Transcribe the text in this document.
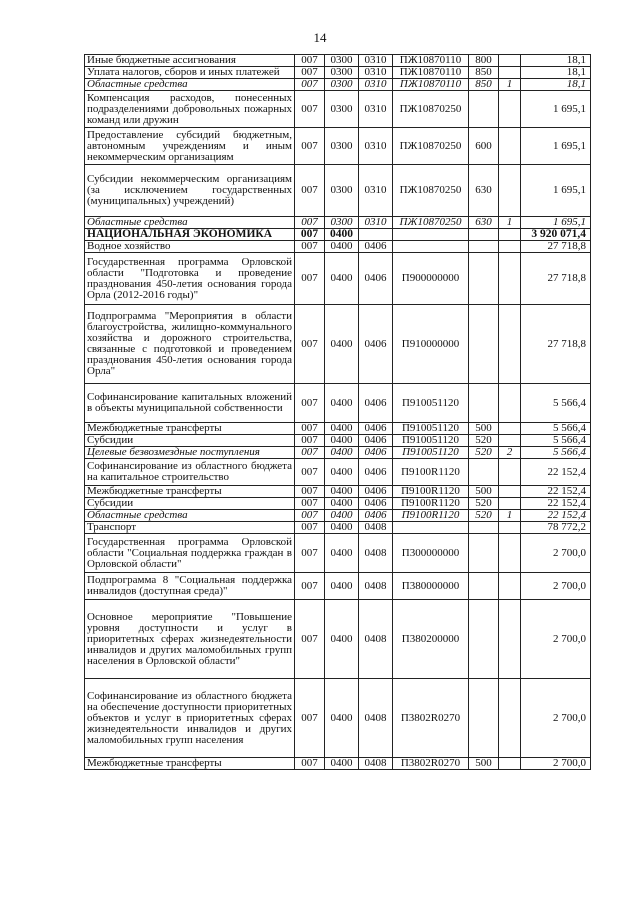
14
Иные бюджетные ассигнования	007	0300	0310	ПЖ10870110	800		18,1
Уплата налогов, сборов и иных платежей	007	0300	0310	ПЖ10870110	850		18,1
Областные средства	007	0300	0310	ПЖ10870110	850	1	18,1
Компенсация расходов, понесенных подразделениями добровольных пожарных команд или дружин	007	0300	0310	ПЖ10870250			1 695,1
Предоставление субсидий бюджетным, автономным учреждениям и иным некоммерческим организациям	007	0300	0310	ПЖ10870250	600		1 695,1
Субсидии некоммерческим организациям (за исключением государственных (муниципальных) учреждений)	007	0300	0310	ПЖ10870250	630		1 695,1
Областные средства	007	0300	0310	ПЖ10870250	630	1	1 695,1
НАЦИОНАЛЬНАЯ ЭКОНОМИКА	007	0400					3 920 071,4
Водное хозяйство	007	0400	0406				27 718,8
Государственная программа Орловской области "Подготовка и проведение празднования 450-летия основания города Орла (2012-2016 годы)"	007	0400	0406	П900000000			27 718,8
Подпрограмма "Мероприятия в области благоустройства, жилищно-коммунального хозяйства и дорожного строительства, связанные с подготовкой и проведением празднования 450-летия основания города Орла"	007	0400	0406	П910000000			27 718,8
Софинансирование капитальных вложений в объекты муниципальной собственности	007	0400	0406	П910051120			5 566,4
Межбюджетные трансферты	007	0400	0406	П910051120	500		5 566,4
Субсидии	007	0400	0406	П910051120	520		5 566,4
Целевые безвозмездные поступления	007	0400	0406	П910051120	520	2	5 566,4
Софинансирование из областного бюджета на капитальное строительство	007	0400	0406	П9100R1120			22 152,4
Межбюджетные трансферты	007	0400	0406	П9100R1120	500		22 152,4
Субсидии	007	0400	0406	П9100R1120	520		22 152,4
Областные средства	007	0400	0406	П9100R1120	520	1	22 152,4
Транспорт	007	0400	0408				78 772,2
Государственная программа Орловской области "Социальная поддержка граждан в Орловской области"	007	0400	0408	П300000000			2 700,0
Подпрограмма 8 "Социальная поддержка инвалидов (доступная среда)"	007	0400	0408	П380000000			2 700,0
Основное мероприятие "Повышение уровня доступности и услуг в приоритетных сферах жизнедеятельности инвалидов и других маломобильных групп населения в Орловской области"	007	0400	0408	П380200000			2 700,0
Софинансирование из областного бюджета на обеспечение доступности приоритетных объектов и услуг в приоритетных сферах жизнедеятельности инвалидов и других маломобильных групп населения	007	0400	0408	П3802R0270			2 700,0
Межбюджетные трансферты	007	0400	0408	П3802R0270	500		2 700,0
